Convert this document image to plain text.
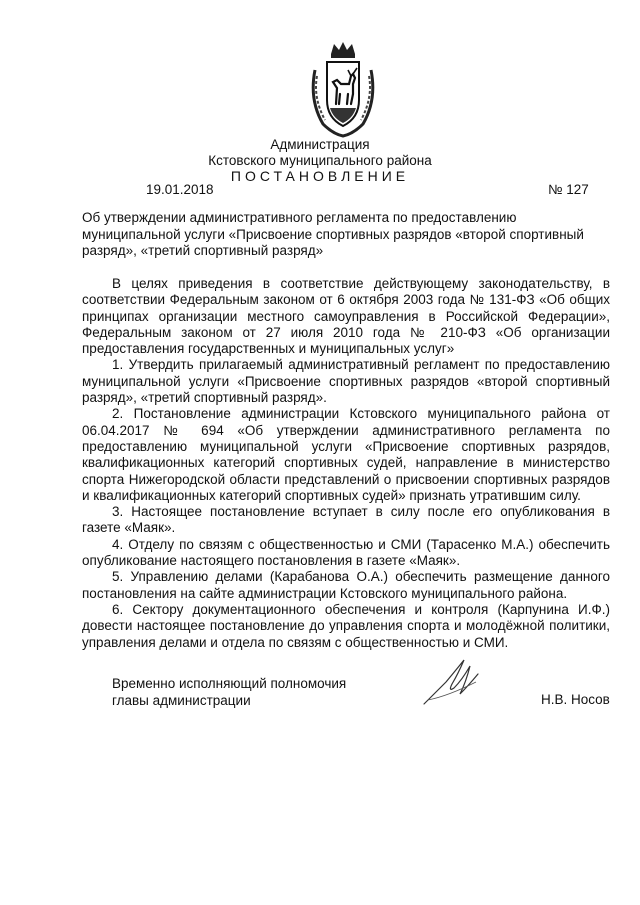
Администрация
Кстовского муниципального района
ПОСТАНОВЛЕНИЕ
19.01.2018	№ 127
Об утверждении административного регламента по предоставлению муниципальной услуги «Присвоение спортивных разрядов «второй спортивный разряд», «третий спортивный разряд»

В целях приведения в соответствие действующему законодательству, в соответствии Федеральным законом от 6 октября 2003 года № 131-ФЗ «Об общих принципах организации местного самоуправления в Российской Федерации», Федеральным законом от 27 июля 2010 года № 210-ФЗ «Об организации предоставления государственных и муниципальных услуг»

1. Утвердить прилагаемый административный регламент по предоставлению муниципальной услуги «Присвоение спортивных разрядов «второй спортивный разряд», «третий спортивный разряд».

2. Постановление администрации Кстовского муниципального района от 06.04.2017 № 694 «Об утверждении административного регламента по предоставлению муниципальной услуги «Присвоение спортивных разрядов, квалификационных категорий спортивных судей, направление в министерство спорта Нижегородской области представлений о присвоении спортивных разрядов и квалификационных категорий спортивных судей» признать утратившим силу.

3. Настоящее постановление вступает в силу после его опубликования в газете «Маяк».

4. Отделу по связям с общественностью и СМИ (Тарасенко М.А.) обеспечить опубликование настоящего постановления в газете «Маяк».

5. Управлению делами (Карабанова О.А.) обеспечить размещение данного постановления на сайте администрации Кстовского муниципального района.

6. Сектору документационного обеспечения и контроля (Карпунина И.Ф.) довести настоящее постановление до управления спорта и молодёжной политики, управления делами и отдела по связям с общественностью и СМИ.

Временно исполняющий полномочия
главы администрации	Н.В. Носов
